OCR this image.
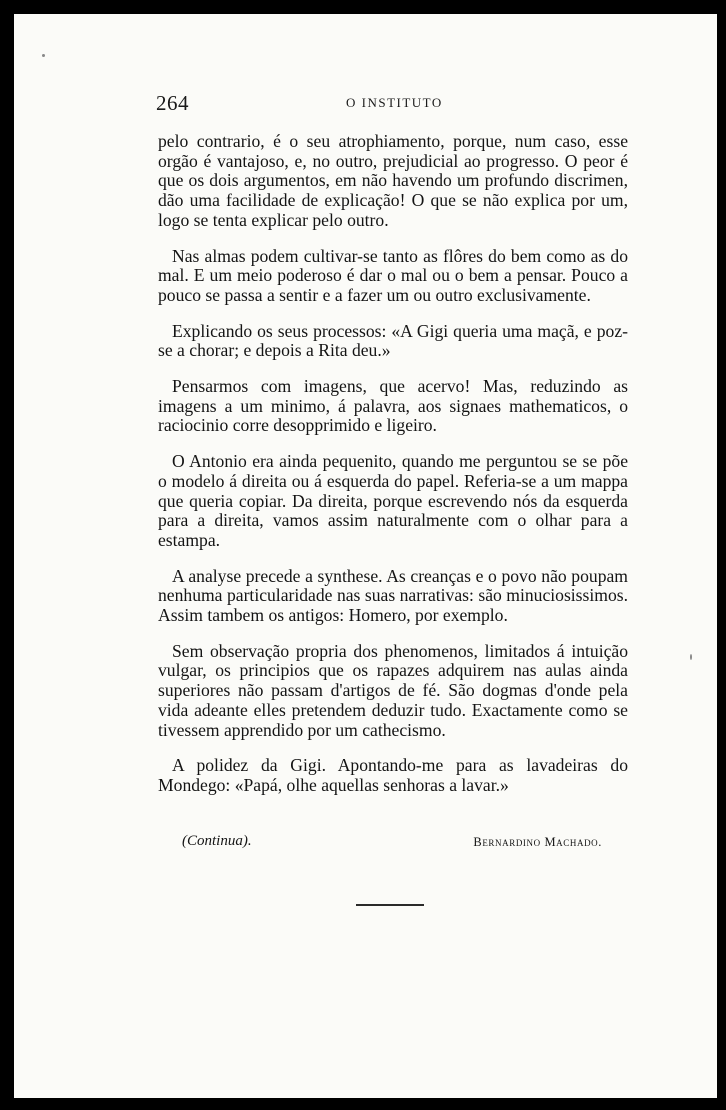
264	O INSTITUTO

pelo contrario, é o seu atrophiamento, porque, num caso, esse orgão é vantajoso, e, no outro, prejudicial ao progresso. O peor é que os dois argumentos, em não havendo um profundo discrimen, dão uma facilidade de explicação! O que se não explica por um, logo se tenta explicar pelo outro.

Nas almas podem cultivar-se tanto as flôres do bem como as do mal. E um meio poderoso é dar o mal ou o bem a pensar. Pouco a pouco se passa a sentir e a fazer um ou outro exclusivamente.

Explicando os seus processos: «A Gigi queria uma maçã, e poz-se a chorar; e depois a Rita deu.»

Pensarmos com imagens, que acervo! Mas, reduzindo as imagens a um minimo, á palavra, aos signaes mathematicos, o raciocinio corre desopprimido e ligeiro.

O Antonio era ainda pequenito, quando me perguntou se se põe o modelo á direita ou á esquerda do papel. Referia-se a um mappa que queria copiar. Da direita, porque escrevendo nós da esquerda para a direita, vamos assim naturalmente com o olhar para a estampa.

A analyse precede a synthese. As creanças e o povo não poupam nenhuma particularidade nas suas narrativas: são minuciosissimos. Assim tambem os antigos: Homero, por exemplo.

Sem observação propria dos phenomenos, limitados á intuição vulgar, os principios que os rapazes adquirem nas aulas ainda superiores não passam d'artigos de fé. São dogmas d'onde pela vida adeante elles pretendem deduzir tudo. Exactamente como se tivessem apprendido por um cathecismo.

A polidez da Gigi. Apontando-me para as lavadeiras do Mondego: «Papá, olhe aquellas senhoras a lavar.»

(Continua).	Bernardino Machado.
